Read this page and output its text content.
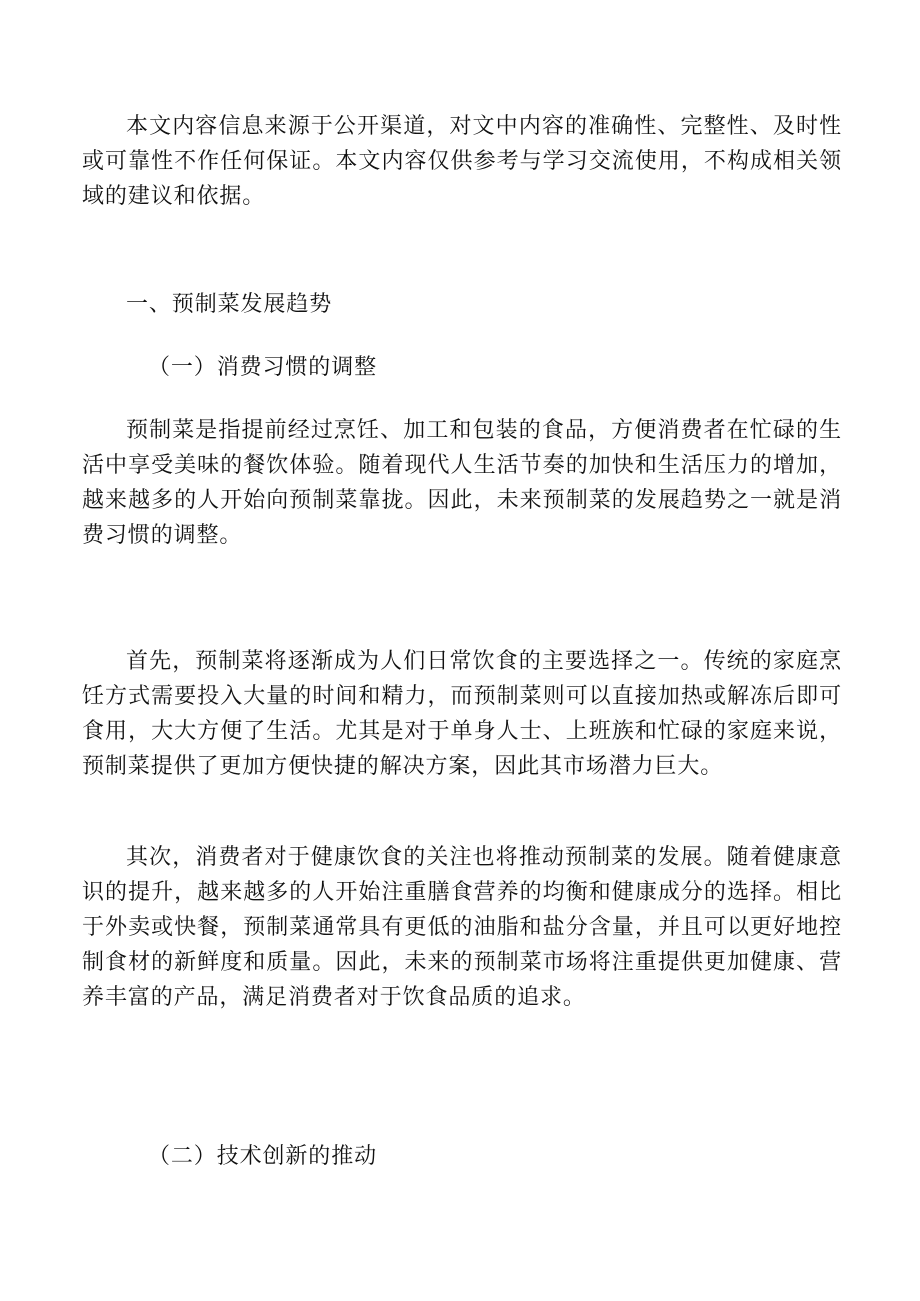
本文内容信息来源于公开渠道，对文中内容的准确性、完整性、及时性或可靠性不作任何保证。本文内容仅供参考与学习交流使用，不构成相关领域的建议和依据。

一、预制菜发展趋势
（一）消费习惯的调整

预制菜是指提前经过烹饪、加工和包装的食品，方便消费者在忙碌的生活中享受美味的餐饮体验。随着现代人生活节奏的加快和生活压力的增加，越来越多的人开始向预制菜靠拢。因此，未来预制菜的发展趋势之一就是消费习惯的调整。

首先，预制菜将逐渐成为人们日常饮食的主要选择之一。传统的家庭烹饪方式需要投入大量的时间和精力，而预制菜则可以直接加热或解冻后即可食用，大大方便了生活。尤其是对于单身人士、上班族和忙碌的家庭来说，预制菜提供了更加方便快捷的解决方案，因此其市场潜力巨大。

其次，消费者对于健康饮食的关注也将推动预制菜的发展。随着健康意识的提升，越来越多的人开始注重膳食营养的均衡和健康成分的选择。相比于外卖或快餐，预制菜通常具有更低的油脂和盐分含量，并且可以更好地控制食材的新鲜度和质量。因此，未来的预制菜市场将注重提供更加健康、营养丰富的产品，满足消费者对于饮食品质的追求。

（二）技术创新的推动
